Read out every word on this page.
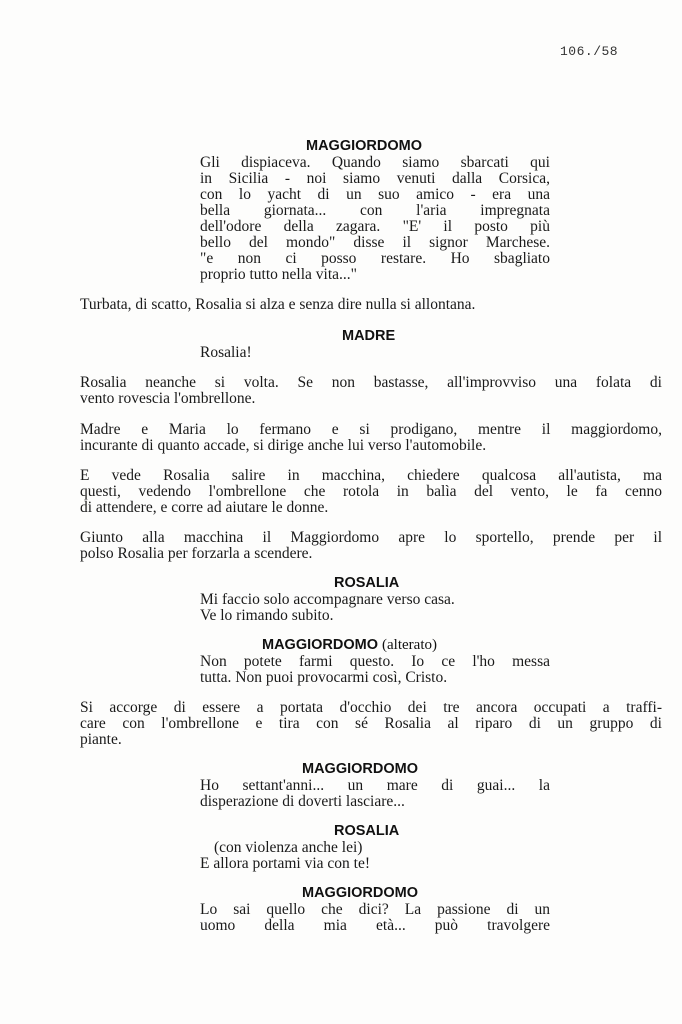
106./58
MAGGIORDOMO
Gli dispiaceva. Quando siamo sbarcati qui
in Sicilia - noi siamo venuti dalla Corsica,
con lo yacht di un suo amico - era una
bella giornata... con l'aria impregnata
dell'odore della zagara. "E' il posto più
bello del mondo" disse il signor Marchese.
"e non ci posso restare. Ho sbagliato
proprio tutto nella vita..."
Turbata, di scatto, Rosalia si alza e senza dire nulla si allontana.
MADRE
Rosalia!
Rosalia neanche si volta. Se non bastasse, all'improvviso una folata di
vento rovescia l'ombrellone.
Madre e Maria lo fermano e si prodigano, mentre il maggiordomo,
incurante di quanto accade, si dirige anche lui verso l'automobile.
E vede Rosalia salire in macchina, chiedere qualcosa all'autista, ma
questi, vedendo l'ombrellone che rotola in balìa del vento, le fa cenno
di attendere, e corre ad aiutare le donne.
Giunto alla macchina il Maggiordomo apre lo sportello, prende per il
polso Rosalia per forzarla a scendere.
ROSALIA
Mi faccio solo accompagnare verso casa.
Ve lo rimando subito.
MAGGIORDOMO (alterato)
Non potete farmi questo. Io ce l'ho messa
tutta. Non puoi provocarmi così, Cristo.
Si accorge di essere a portata d'occhio dei tre ancora occupati a traffi-
care con l'ombrellone e tira con sé Rosalia al riparo di un gruppo di
piante.
MAGGIORDOMO
Ho settant'anni... un mare di guai... la
disperazione di doverti lasciare...
ROSALIA
(con violenza anche lei)
E allora portami via con te!
MAGGIORDOMO
Lo sai quello che dici? La passione di un
uomo della mia età... può travolgere
